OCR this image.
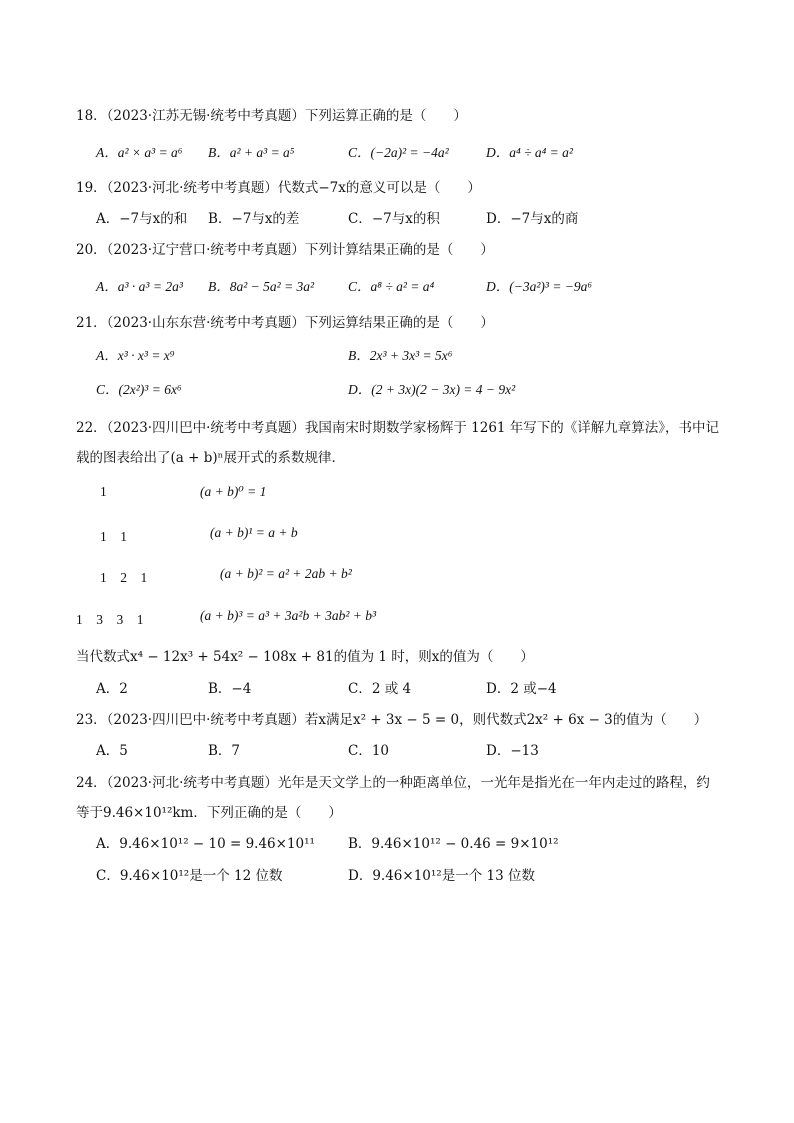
18．（2023·江苏无锡·统考中考真题）下列运算正确的是（　　）
A．a² × a³ = a⁶ B．a² + a³ = a⁵	C．(−2a)² = −4a²	D．a⁴ ÷ a⁴ = a²
19．（2023·河北·统考中考真题）代数式−7x的意义可以是（　　）
A．−7与x的和 B．−7与x的差	C．−7与x的积	D．−7与x的商
20．（2023·辽宁营口·统考中考真题）下列计算结果正确的是（　　）
A．a³ · a³ = 2a³ B．8a² − 5a² = 3a²	C．a⁸ ÷ a² = a⁴	D．(−3a²)³ = −9a⁶
21．（2023·山东东营·统考中考真题）下列运算结果正确的是（　　）
A．x³ · x³ = x⁹	B．2x³ + 3x³ = 5x⁶
C．(2x²)³ = 6x⁶	D．(2 + 3x)(2 − 3x) = 4 − 9x²
22．（2023·四川巴中·统考中考真题）我国南宋时期数学家杨辉于 1261 年写下的《详解九章算法》，书中记
载的图表给出了(a + b)ⁿ展开式的系数规律．
1	(a + b)⁰ = 1
1　1	(a + b)¹ = a + b
1　2　1	(a + b)² = a² + 2ab + b²
1　3　3　1	(a + b)³ = a³ + 3a²b + 3ab² + b³
当代数式x⁴ − 12x³ + 54x² − 108x + 81的值为 1 时，则x的值为（　　）
A．2	B．−4	C．2 或 4	D．2 或−4
23．（2023·四川巴中·统考中考真题）若x满足x² + 3x − 5 = 0，则代数式2x² + 6x − 3的值为（　　）
A．5	B．7	C．10	D．−13
24．（2023·河北·统考中考真题）光年是天文学上的一种距离单位，一光年是指光在一年内走过的路程，约
等于9.46×10¹²km．下列正确的是（　　）
A．9.46×10¹² − 10 = 9.46×10¹¹ B．9.46×10¹² − 0.46 = 9×10¹²
C．9.46×10¹²是一个 12 位数	D．9.46×10¹²是一个 13 位数
